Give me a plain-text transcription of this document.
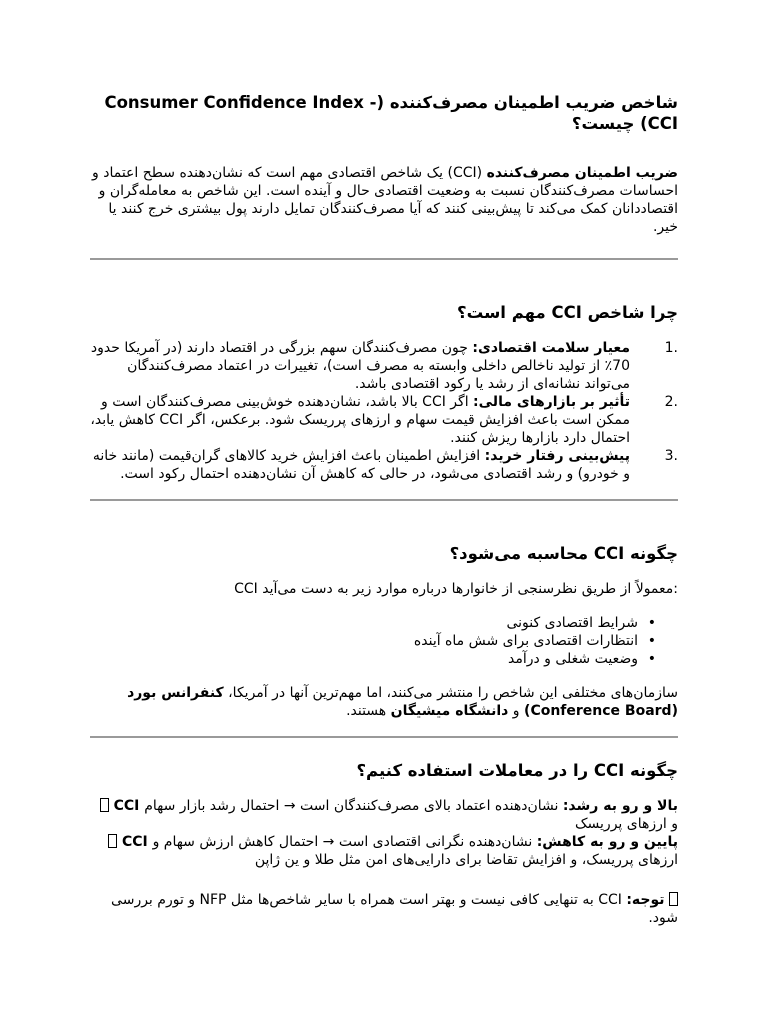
شاخص ضریب اطمینان مصرف‌کننده (Consumer Confidence Index - CCI) چیست؟

ضریب اطمینان مصرف‌کننده (CCI) یک شاخص اقتصادی مهم است که نشان‌دهنده سطح اعتماد و احساسات مصرف‌کنندگان نسبت به وضعیت اقتصادی حال و آینده است. این شاخص به معامله‌گران و اقتصاددانان کمک می‌کند تا پیش‌بینی کنند که آیا مصرف‌کنندگان تمایل دارند پول بیشتری خرج کنند یا خیر.

چرا شاخص CCI مهم است؟
1.
معیار سلامت اقتصادی: چون مصرف‌کنندگان سهم بزرگی در اقتصاد دارند (در آمریکا حدود 70٪ از تولید ناخالص داخلی وابسته به مصرف است)، تغییرات در اعتماد مصرف‌کنندگان می‌تواند نشانه‌ای از رشد یا رکود اقتصادی باشد.
2.
تأثیر بر بازارهای مالی: اگر CCI بالا باشد، نشان‌دهنده خوش‌بینی مصرف‌کنندگان است و ممکن است باعث افزایش قیمت سهام و ارزهای پرریسک شود. برعکس، اگر CCI کاهش یابد، احتمال دارد بازارها ریزش کنند.
3.
پیش‌بینی رفتار خرید: افزایش اطمینان باعث افزایش خرید کالاهای گران‌قیمت (مانند خانه و خودرو) و رشد اقتصادی می‌شود، در حالی که کاهش آن نشان‌دهنده احتمال رکود است.
چگونه CCI محاسبه می‌شود؟

CCI معمولاً از طریق نظرسنجی از خانوارها درباره موارد زیر به دست می‌آید:

•
شرایط اقتصادی کنونی
•
انتظارات اقتصادی برای شش ماه آینده
•
وضعیت شغلی و درآمد

سازمان‌های مختلفی این شاخص را منتشر می‌کنند، اما مهم‌ترین آنها در آمریکا، کنفرانس بورد (Conference Board) و دانشگاه میشیگان هستند.

چگونه CCI را در معاملات استفاده کنیم؟

CCI بالا و رو به رشد: نشان‌دهنده اعتماد بالای مصرف‌کنندگان است → احتمال رشد بازار سهام و ارزهای پرریسک

CCI پایین و رو به کاهش: نشان‌دهنده نگرانی اقتصادی است → احتمال کاهش ارزش سهام و ارزهای پرریسک، و افزایش تقاضا برای دارایی‌های امن مثل طلا و ین ژاپن

توجه: CCI به تنهایی کافی نیست و بهتر است همراه با سایر شاخص‌ها مثل NFP و تورم بررسی شود.
